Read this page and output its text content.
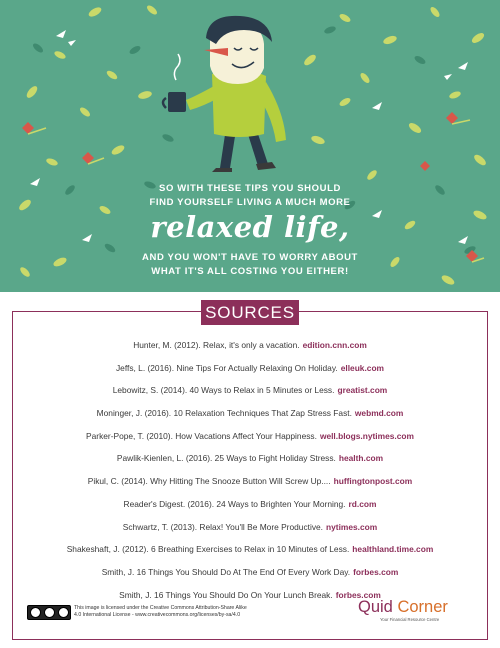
SO WITH THESE TIPS YOU SHOULD
FIND YOURSELF LIVING A MUCH MORE
relaxed life,
AND YOU WON'T HAVE TO WORRY ABOUT
WHAT IT'S ALL COSTING YOU EITHER!
SOURCES
Hunter, M. (2012). Relax, it's only a vacation. edition.cnn.com
Jeffs, L. (2016). Nine Tips For Actually Relaxing On Holiday. elleuk.com
Lebowitz, S. (2014). 40 Ways to Relax in 5 Minutes or Less. greatist.com
Moninger, J. (2016). 10 Relaxation Techniques That Zap Stress Fast. webmd.com
Parker-Pope, T. (2010). How Vacations Affect Your Happiness. well.blogs.nytimes.com
Pawlik-Kienlen, L. (2016). 25 Ways to Fight Holiday Stress. health.com
Pikul, C. (2014). Why Hitting The Snooze Button Will Screw Up.... huffingtonpost.com
Reader's Digest. (2016). 24 Ways to Brighten Your Morning. rd.com
Schwartz, T. (2013). Relax! You'll Be More Productive. nytimes.com
Shakeshaft, J. (2012). 6 Breathing Exercises to Relax in 10 Minutes of Less. healthland.time.com
Smith, J. 16 Things You Should Do At The End Of Every Work Day. forbes.com
Smith, J. 16 Things You Should Do On Your Lunch Break. forbes.com
This image is licensed under the Creative Commons Attribution-Share Alike
4.0 International License - www.creativecommons.org/licenses/by-sa/4.0	Quid Corner
Your Financial Resource Centre
